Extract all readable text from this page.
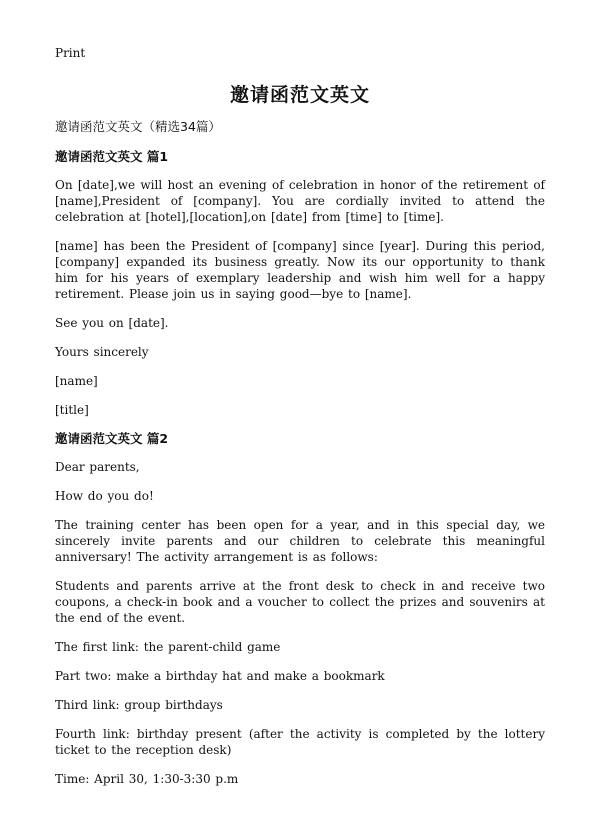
Print
邀请函范文英文
邀请函范文英文（精选34篇）
邀请函范文英文 篇1

On [date],we will host an evening of celebration in honor of the retirement of [name],President of [company]. You are cordially invited to attend the celebration at [hotel],[location],on [date] from [time] to [time].

[name] has been the President of [company] since [year]. During this period,[company] expanded its business greatly. Now its our opportunity to thank him for his years of exemplary leadership and wish him well for a happy retirement. Please join us in saying good—bye to [name].

See you on [date].

Yours sincerely

[name]

[title]

邀请函范文英文 篇2

Dear parents,

How do you do!

The training center has been open for a year, and in this special day, we sincerely invite parents and our children to celebrate this meaningful anniversary! The activity arrangement is as follows:

Students and parents arrive at the front desk to check in and receive two coupons, a check-in book and a voucher to collect the prizes and souvenirs at the end of the event.

The first link: the parent-child game

Part two: make a birthday hat and make a bookmark

Third link: group birthdays

Fourth link: birthday present (after the activity is completed by the lottery ticket to the reception desk)

Time: April 30, 1:30-3:30 p.m
